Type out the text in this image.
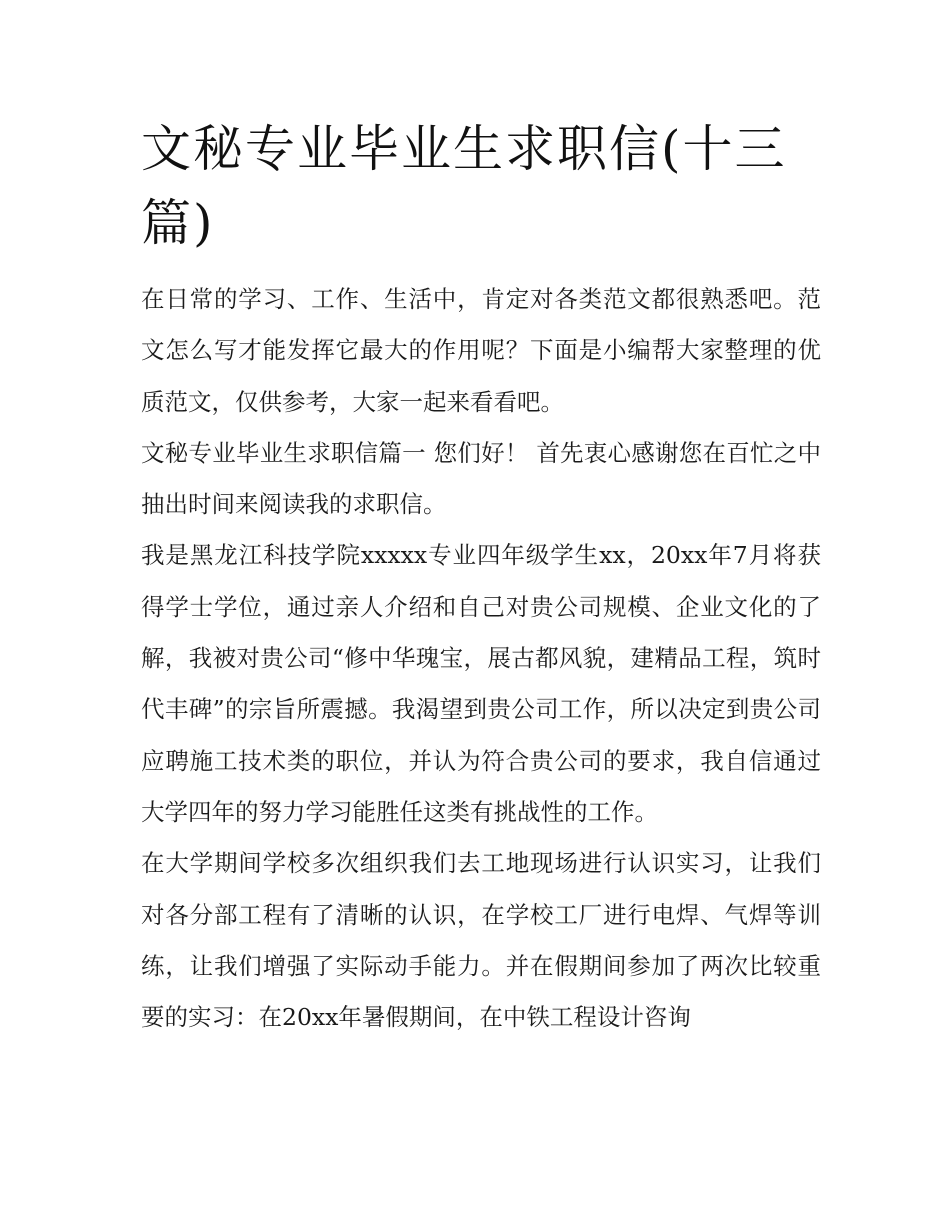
文秘专业毕业生求职信(十三篇)

在日常的学习、工作、生活中，肯定对各类范文都很熟悉吧。范文怎么写才能发挥它最大的作用呢？下面是小编帮大家整理的优质范文，仅供参考，大家一起来看看吧。

文秘专业毕业生求职信篇一 您们好！ 首先衷心感谢您在百忙之中抽出时间来阅读我的求职信。

我是黑龙江科技学院xxxxx专业四年级学生xx，20xx年7月将获得学士学位，通过亲人介绍和自己对贵公司规模、企业文化的了解，我被对贵公司“修中华瑰宝，展古都风貌，建精品工程，筑时代丰碑”的宗旨所震撼。我渴望到贵公司工作，所以决定到贵公司应聘施工技术类的职位，并认为符合贵公司的要求，我自信通过大学四年的努力学习能胜任这类有挑战性的工作。

在大学期间学校多次组织我们去工地现场进行认识实习，让我们对各分部工程有了清晰的认识，在学校工厂进行电焊、气焊等训练，让我们增强了实际动手能力。并在假期间参加了两次比较重要的实习：在20xx年暑假期间，在中铁工程设计咨询
